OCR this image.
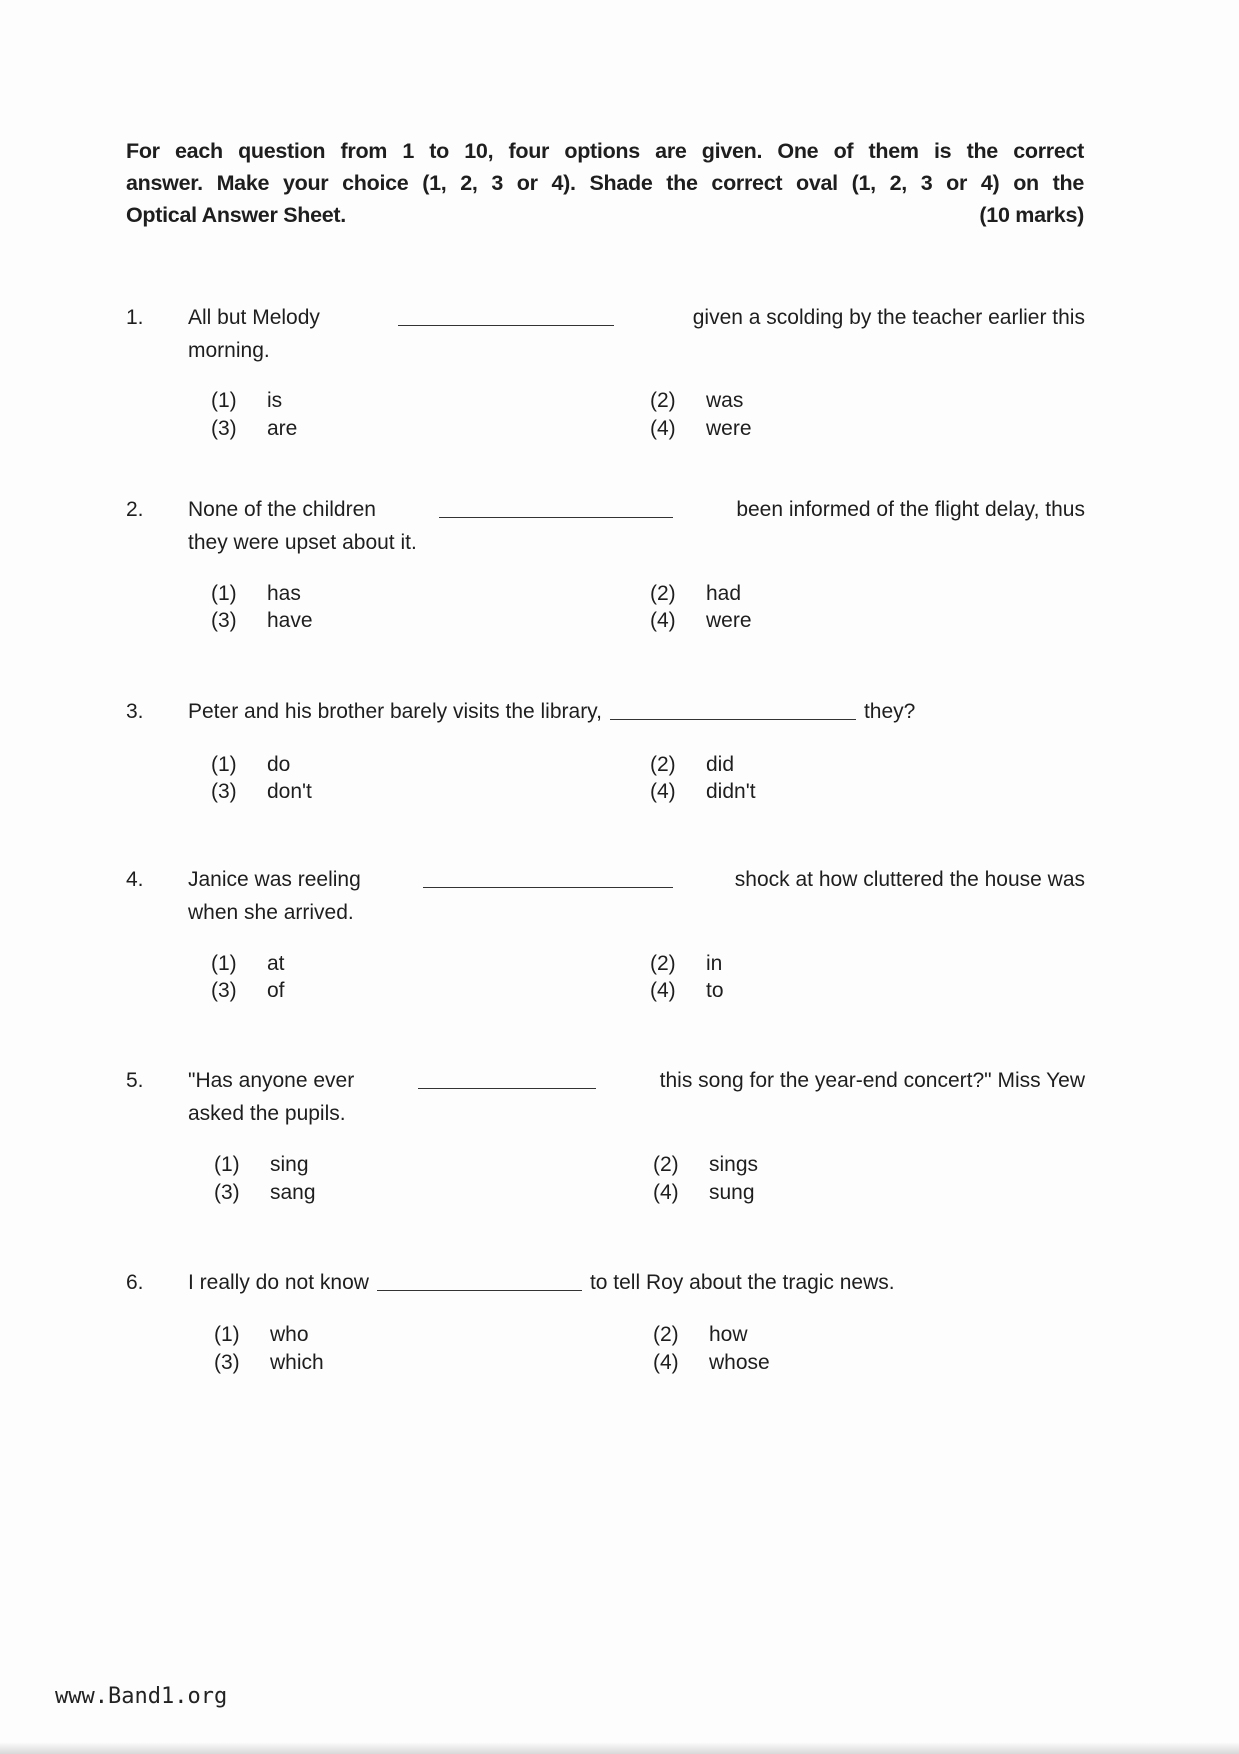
For each question from 1 to 10, four options are given. One of them is the correct
answer. Make your choice (1, 2, 3 or 4). Shade the correct oval (1, 2, 3 or 4) on the
Optical Answer Sheet.	(10 marks)
1. All but Melody	given a scolding by the teacher earlier this
morning.
(1) is	(2) was
(3) are	(4) were
2. None of the children	been informed of the flight delay, thus
they were upset about it.
(1) has	(2) had
(3) have	(4) were
3. Peter and his brother barely visits the library,	they?
(1) do	(2) did
(3) don't	(4) didn't
4. Janice was reeling	shock at how cluttered the house was
when she arrived.
(1) at	(2) in
(3) of	(4) to
5. "Has anyone ever	this song for the year-end concert?" Miss Yew
asked the pupils.
(1) sing	(2) sings
(3) sang	(4) sung
6. I really do not know	to tell Roy about the tragic news.
(1) who	(2) how
(3) which	(4) whose
www.Band1.org
